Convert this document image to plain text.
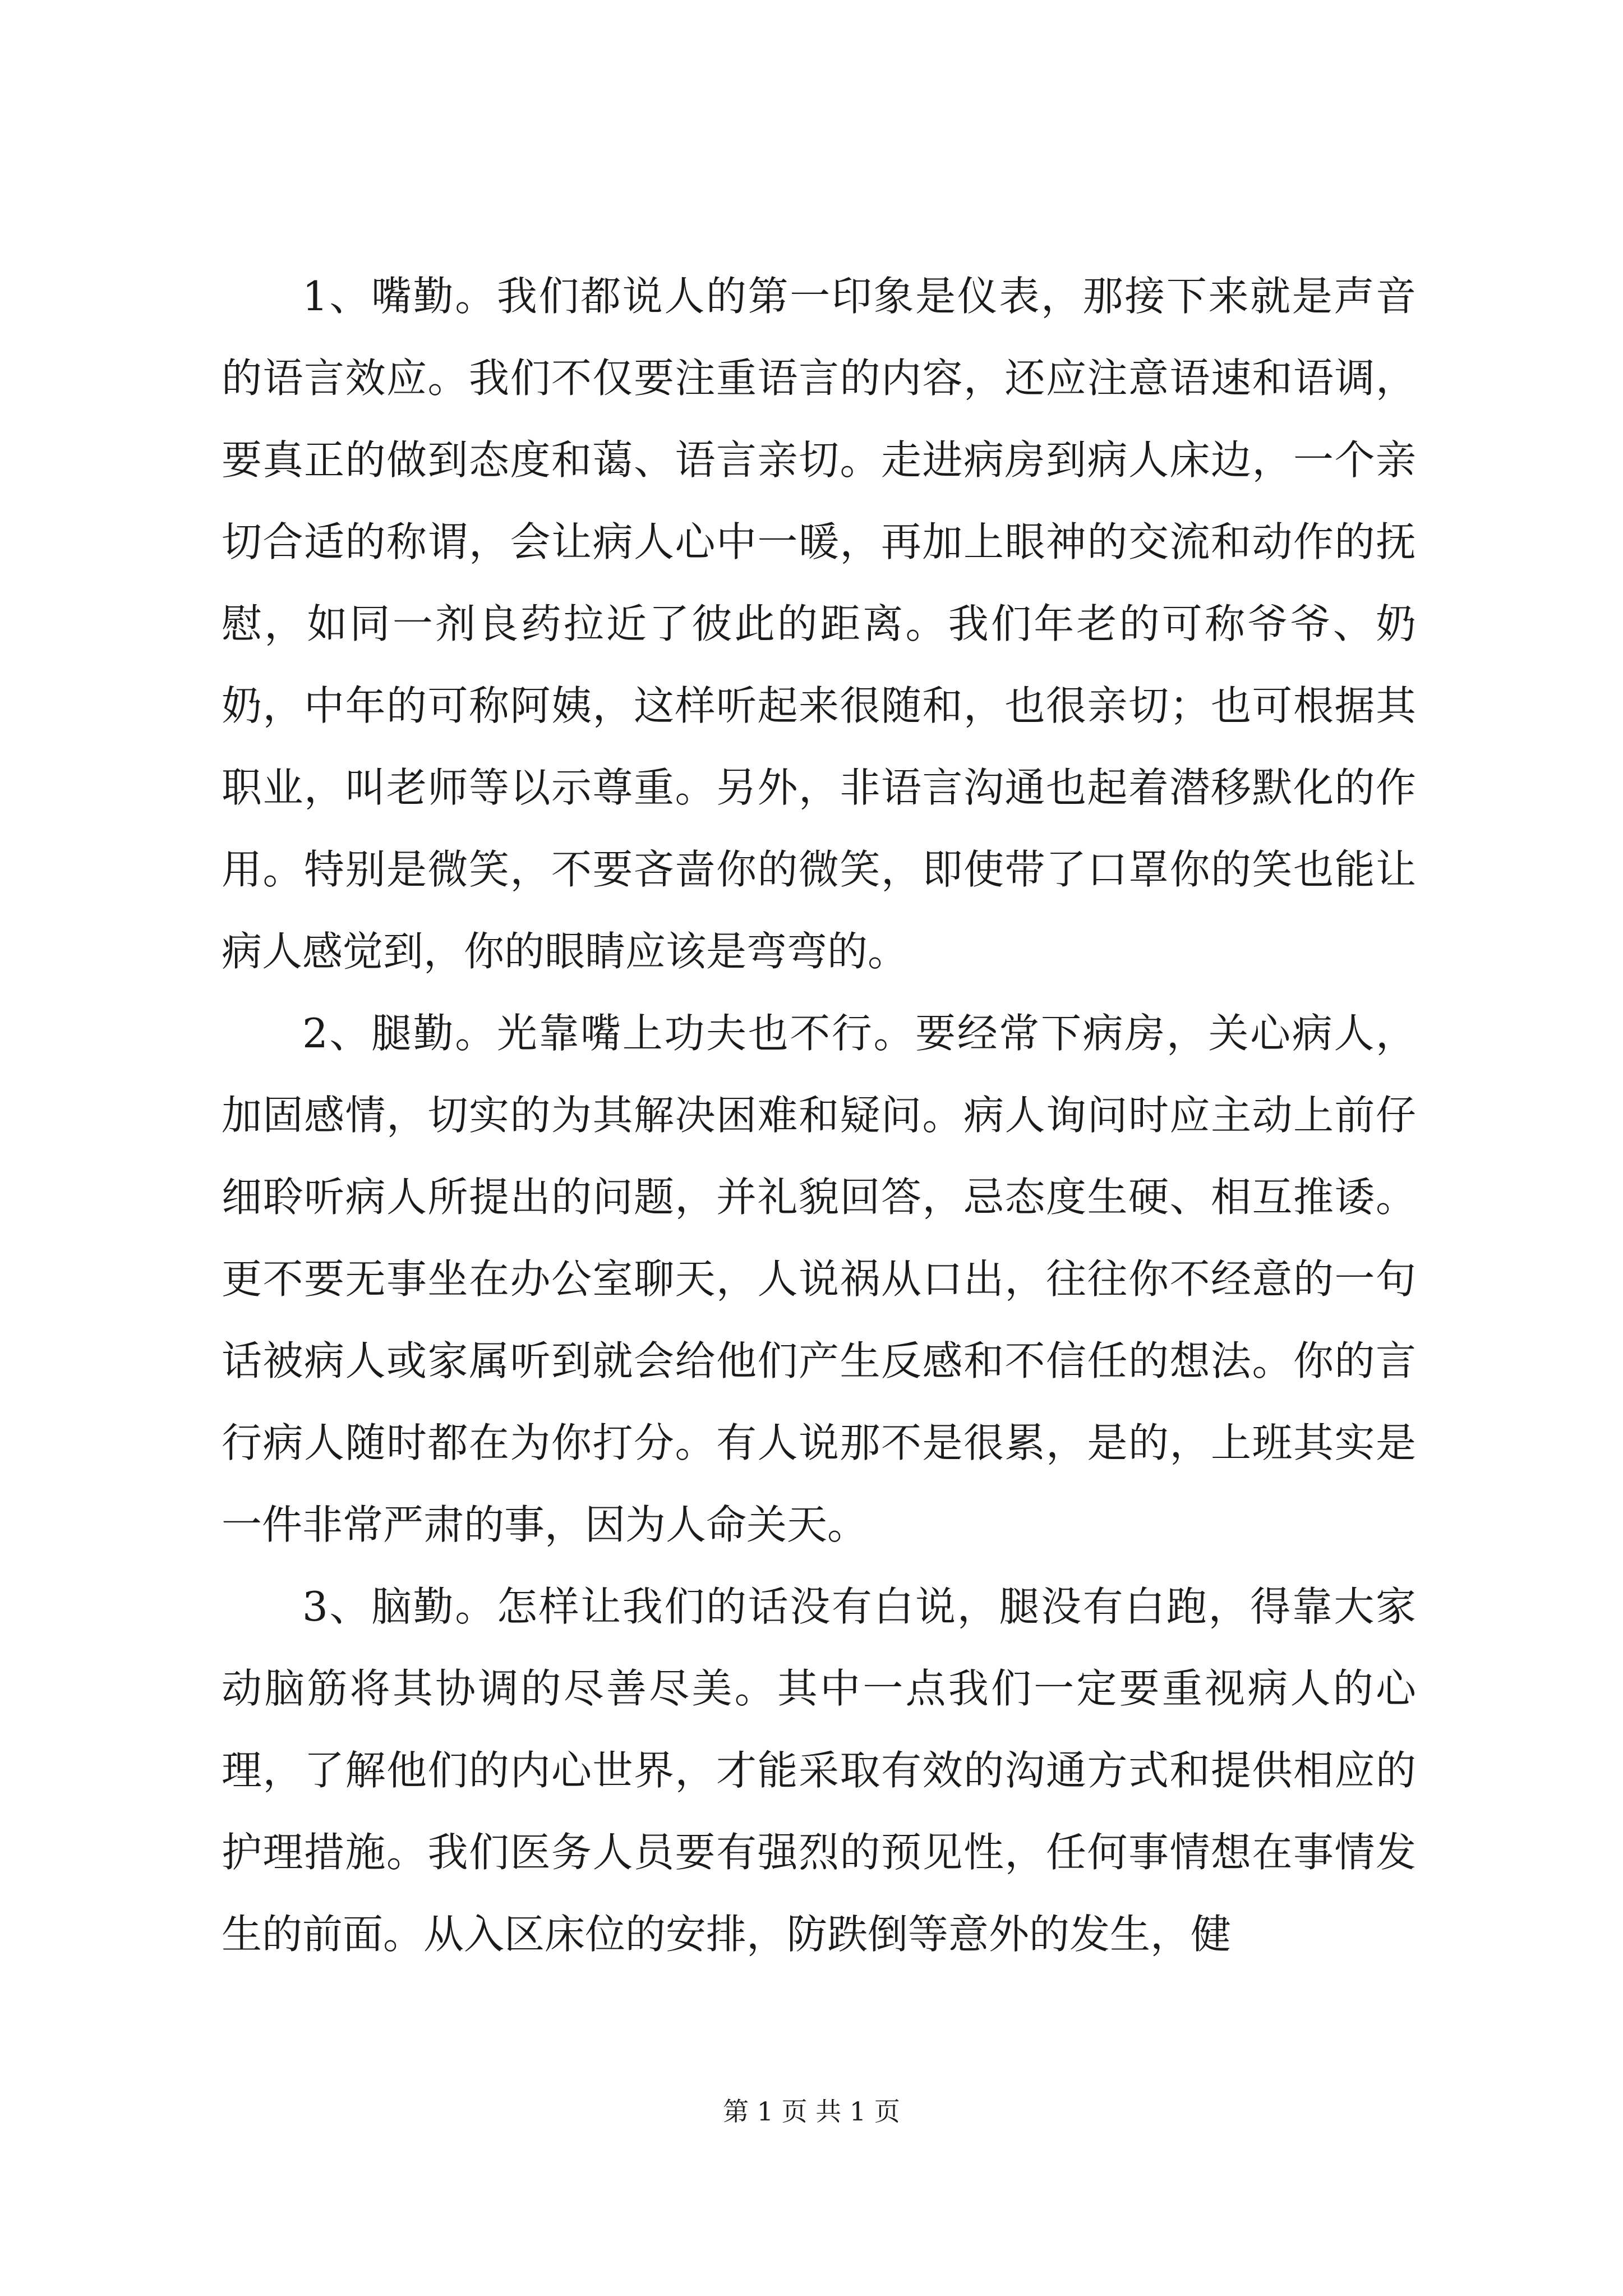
1、嘴勤。我们都说人的第一印象是仪表，那接下来就是声音的语言效应。我们不仅要注重语言的内容，还应注意语速和语调，要真正的做到态度和蔼、语言亲切。走进病房到病人床边，一个亲切合适的称谓，会让病人心中一暖，再加上眼神的交流和动作的抚慰，如同一剂良药拉近了彼此的距离。我们年老的可称爷爷、奶奶，中年的可称阿姨，这样听起来很随和，也很亲切；也可根据其职业，叫老师等以示尊重。另外，非语言沟通也起着潜移默化的作用。特别是微笑，不要吝啬你的微笑，即使带了口罩你的笑也能让病人感觉到，你的眼睛应该是弯弯的。

2、腿勤。光靠嘴上功夫也不行。要经常下病房，关心病人，加固感情，切实的为其解决困难和疑问。病人询问时应主动上前仔细聆听病人所提出的问题，并礼貌回答，忌态度生硬、相互推诿。更不要无事坐在办公室聊天，人说祸从口出，往往你不经意的一句话被病人或家属听到就会给他们产生反感和不信任的想法。你的言行病人随时都在为你打分。有人说那不是很累，是的，上班其实是一件非常严肃的事，因为人命关天。

3、脑勤。怎样让我们的话没有白说，腿没有白跑，得靠大家动脑筋将其协调的尽善尽美。其中一点我们一定要重视病人的心理，了解他们的内心世界，才能采取有效的沟通方式和提供相应的护理措施。我们医务人员要有强烈的预见性，任何事情想在事情发生的前面。从入区床位的安排，防跌倒等意外的发生，健

第 1 页 共 1 页
